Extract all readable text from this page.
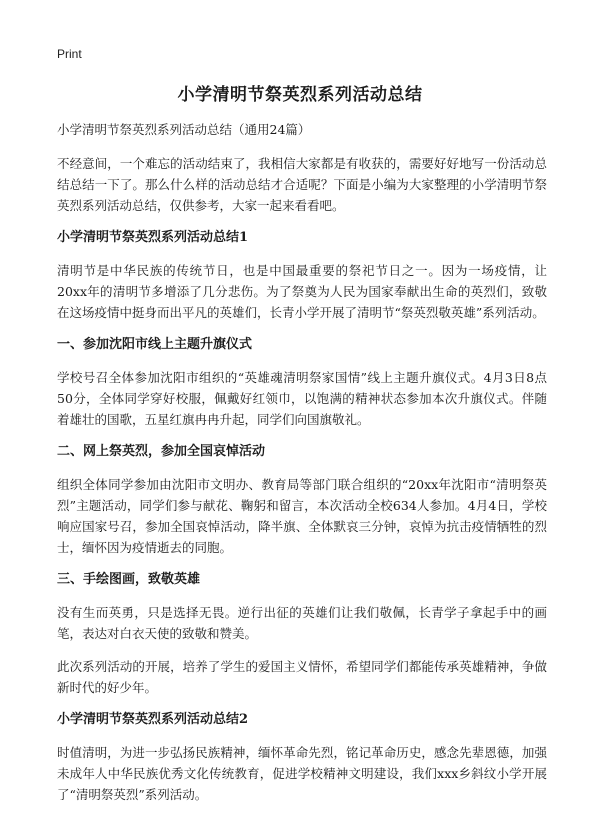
Print
小学清明节祭英烈系列活动总结

小学清明节祭英烈系列活动总结（通用24篇）

不经意间，一个难忘的活动结束了，我相信大家都是有收获的，需要好好地写一份活动总结总结一下了。那么什么样的活动总结才合适呢？下面是小编为大家整理的小学清明节祭英烈系列活动总结，仅供参考，大家一起来看看吧。

小学清明节祭英烈系列活动总结1

清明节是中华民族的传统节日，也是中国最重要的祭祀节日之一。因为一场疫情，让20xx年的清明节多增添了几分悲伤。为了祭奠为人民为国家奉献出生命的英烈们，致敬在这场疫情中挺身而出平凡的英雄们，长青小学开展了清明节“祭英烈敬英雄”系列活动。

一、参加沈阳市线上主题升旗仪式

学校号召全体参加沈阳市组织的“英雄魂清明祭家国情”线上主题升旗仪式。4月3日8点50分，全体同学穿好校服，佩戴好红领巾，以饱满的精神状态参加本次升旗仪式。伴随着雄壮的国歌，五星红旗冉冉升起，同学们向国旗敬礼。

二、网上祭英烈，参加全国哀悼活动

组织全体同学参加由沈阳市文明办、教育局等部门联合组织的“20xx年沈阳市“清明祭英烈”主题活动，同学们参与献花、鞠躬和留言，本次活动全校634人参加。4月4日，学校响应国家号召，参加全国哀悼活动，降半旗、全体默哀三分钟，哀悼为抗击疫情牺牲的烈士，缅怀因为疫情逝去的同胞。

三、手绘图画，致敬英雄

没有生而英勇，只是选择无畏。逆行出征的英雄们让我们敬佩，长青学子拿起手中的画笔，表达对白衣天使的致敬和赞美。

此次系列活动的开展，培养了学生的爱国主义情怀，希望同学们都能传承英雄精神，争做新时代的好少年。

小学清明节祭英烈系列活动总结2

时值清明，为进一步弘扬民族精神，缅怀革命先烈，铭记革命历史，感念先辈恩德，加强未成年人中华民族优秀文化传统教育，促进学校精神文明建设，我们xxx乡斜纹小学开展了“清明祭英烈”系列活动。
